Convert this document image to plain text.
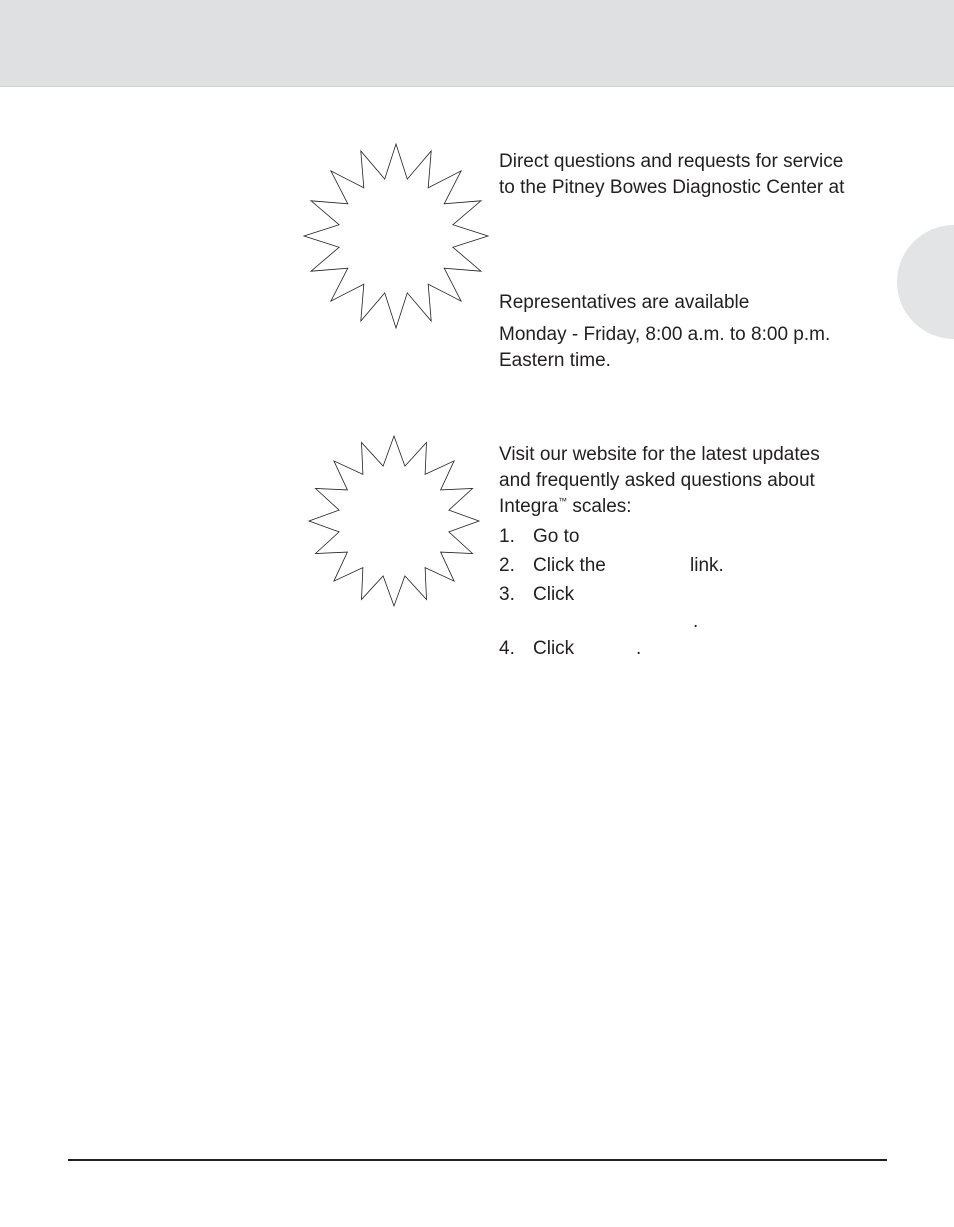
Direct questions and requests for service

to the Pitney Bowes Diagnostic Center at

Representatives are available

Monday - Friday, 8:00 a.m. to 8:00 p.m.

Eastern time.

Visit our website for the latest updates

and frequently asked questions about

Integra™ scales:

1. Go to
2. Click the	link.
3. Click
.
4. Click	.
